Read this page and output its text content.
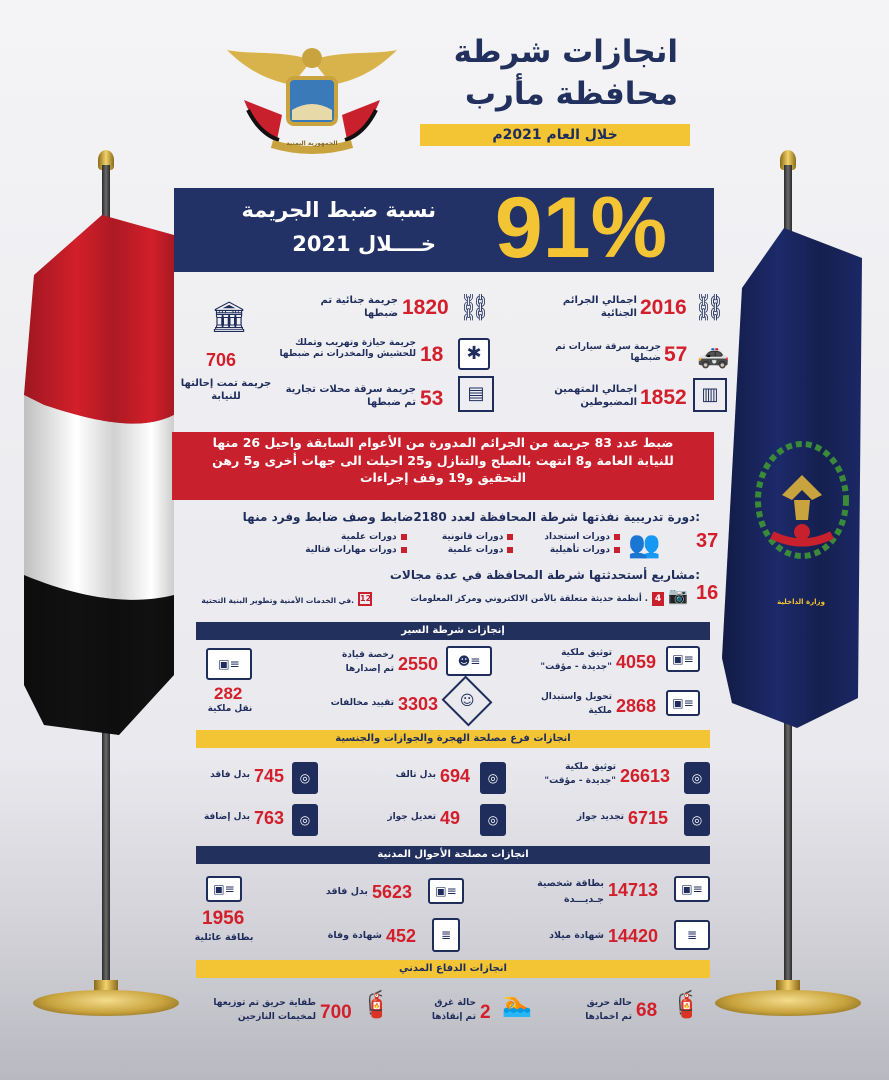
وزارة الداخلية
الجمهورية اليمنية
انجازات شرطة
محافظة مأرب
خلال العام 2021م
91%
نسبة ضبط الجريمة
خــــلال 2021
⛓
2016
اجمالي الجرائم الجنائية
🚓
57
جريمة سرقة سيارات تم ضبطها
▥
1852
اجمالي المتهمين المضبوطين
⛓
1820
جريمة جنائية تم ضبطها
✱
18
جريمة حيازة وتهريب وتملك للحشيش والمخدرات تم ضبطها
▤
53
جريمة سرقة محلات تجارية تم ضبطها
🏛
706
جريمة تمت إحالتها للنيابة
ضبط عدد 83 جريمة من الجرائم المدورة من الأعوام السابقة واحيل 26 منها
للنيابة العامة و8 انتهت بالصلح والتنازل و25 احيلت الى جهات أخرى و5 رهن
التحقيق و19 وقف إجراءات
دورة تدريبية نفذتها شرطة المحافظة لعدد 2180ضابط وصف ضابط وفرد منها:
37
👥
دورات استجداد
دورات قانونية
دورات علمية
دورات تأهيلية
دورات علمية
دورات مهارات قتالية
مشاريع أستحدثتها شرطة المحافظة في عدة مجالات:
16
📷
4
أنظمة حديثة متعلقة بالأمن الالكتروني ومركز المعلومات .
12
في الخدمات الأمنية وتطوير البنية التحتية.
إنجازات شرطة السير
▣≡
4059
توثيق ملكية
"جديدة - مؤقت"
☻≡
2550
رخصة قيادة
تم إصدارها
▣≡
282
نقل ملكية	▣≡
2868
تحويل واستبدال
ملكية
☺
3303
تقييد مخالفات
انجازات فرع مصلحة الهجرة والجوازات والجنسية
◎
26613
توثيق ملكية
"جديدة - مؤقت"
◎
694
بدل تالف
◎
745
بدل فاقد
◎
6715
تجديد جواز
◎
49
تعديل جواز
◎
763
بدل إضافة
انجازات مصلحة الأحوال المدنية
▣≡
14713
بطاقة شخصية
جـديـــدة
▣≡
5623
بدل فاقد
▣≡
1956
بطاقة عائلية	≣
14420
شهادة ميلاد
≣
452
شهادة وفاة
انجازات الدفاع المدني
🧯
68
حالة حريق
تم اخمادها
🏊
2
حالة غرق
تم إنقاذها
🧯
700
طفاية حريق تم توزيعها
لمخيمات النازحين
